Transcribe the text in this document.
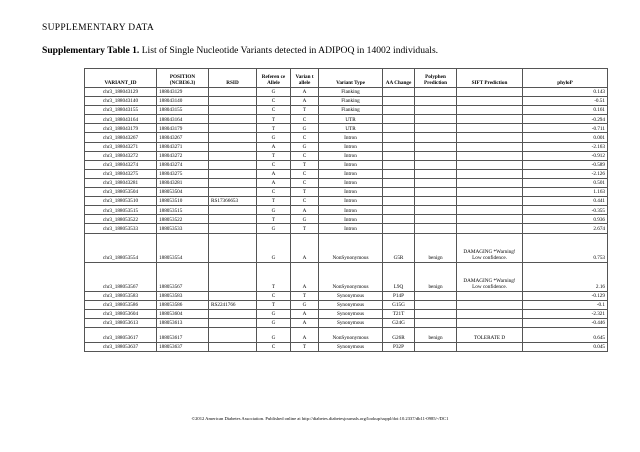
SUPPLEMENTARY DATA
Supplementary Table 1. List of Single Nucleotide Variants detected in ADIPOQ in 14002 individuals.
VARIANT_ID	POSITION (NCBI36.3)	RSID	Referen ce Allele	Varian t allele	Variant Type	AA Change	Polyphen Prediction	SIFT Prediction	phyloP
chr3_188043129	188043129		G	A	Flanking				0.143
chr3_188043140	188043140		C	A	Flanking				-0.51
chr3_188043155	188043155		C	T	Flanking				0.161
chr3_188043164	188043164		T	C	UTR				-0.294
chr3_188043179	188043179		T	G	UTR				-0.711
chr3_188043267	188043267		G	C	Intron				0.001
chr3_188043271	188043271		A	G	Intron				-2.163
chr3_188043272	188043272		T	C	Intron				-0.912
chr3_188043274	188043274		C	T	Intron				-0.589
chr3_188043275	188043275		A	C	Intron				-2.126
chr3_188043281	188043281		A	C	Intron				0.501
chr3_188053504	188053504		C	T	Intron				1.163
chr3_188053510	188053510	RS17366653	T	C	Intron				0.441
chr3_188053515	188053515		G	A	Intron				-0.355
chr3_188053522	188053522		T	G	Intron				0.936
chr3_188053533	188053533		G	T	Intron				2.674
chr3_188053554	188053554		G	A	NonSynonymous	G5R	benign	DAMAGING *Warning! Low confidence.	0.753
chr3_188053567	188053567		T	A	NonSynonymous	L9Q	benign	DAMAGING *Warning! Low confidence.	2.16
chr3_188053583	188053583		C	T	Synonymous	P14P			-0.129
chr3_188053586	188053586	RS2241766	T	G	Synonymous	G15G			-0.1
chr3_188053604	188053604		G	A	Synonymous	T21T			-2.321
chr3_188053613	188053613		G	A	Synonymous	G24G			-0.446
chr3_188053617	188053617		G	A	NonSynonymous	G26R	benign	TOLERATE D	0.645
chr3_188053637	188053637		C	T	Synonymous	P32P			0.045
©2012 American Diabetes Association. Published online at http://diabetes.diabetesjournals.org/lookup/suppl/doi:10.2337/db11-0985/-/DC1
